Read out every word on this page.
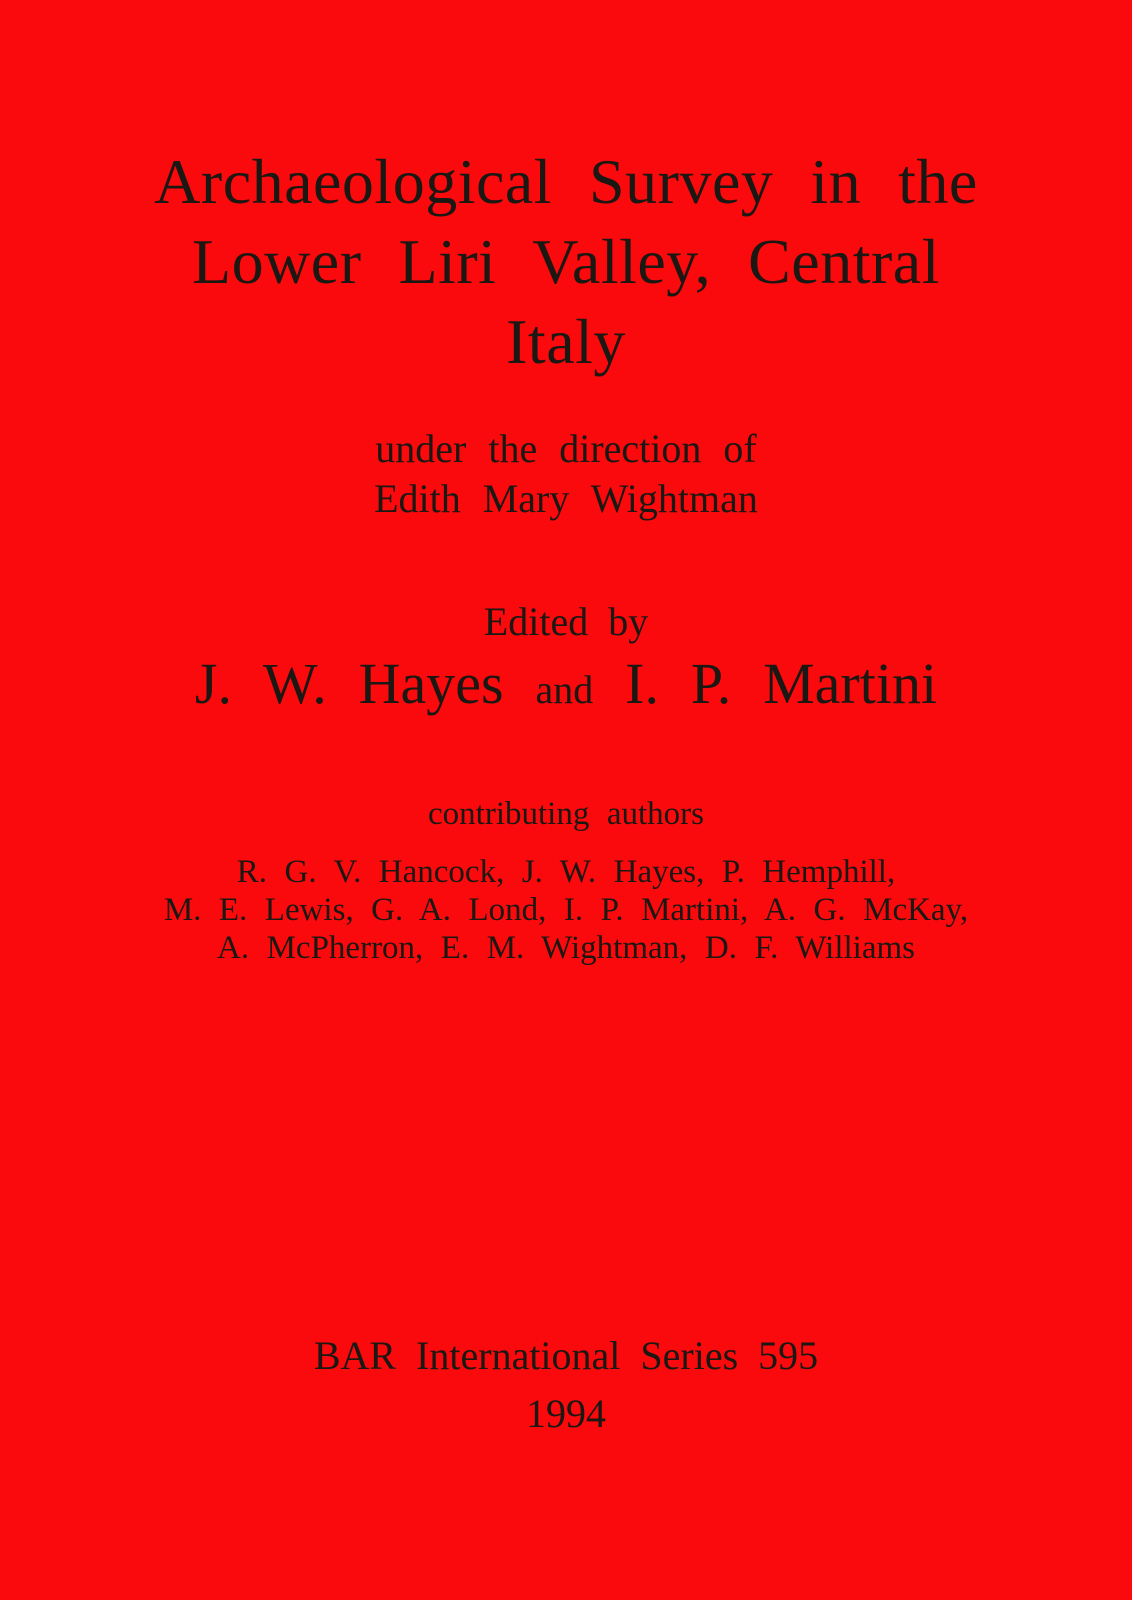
Archaeological Survey in the
Lower Liri Valley, Central
Italy
under the direction of
Edith Mary Wightman
Edited by
J. W. Hayes and I. P. Martini
contributing authors
R. G. V. Hancock, J. W. Hayes, P. Hemphill,
M. E. Lewis, G. A. Lond, I. P. Martini, A. G. McKay,
A. McPherron, E. M. Wightman, D. F. Williams
BAR International Series 595
1994
